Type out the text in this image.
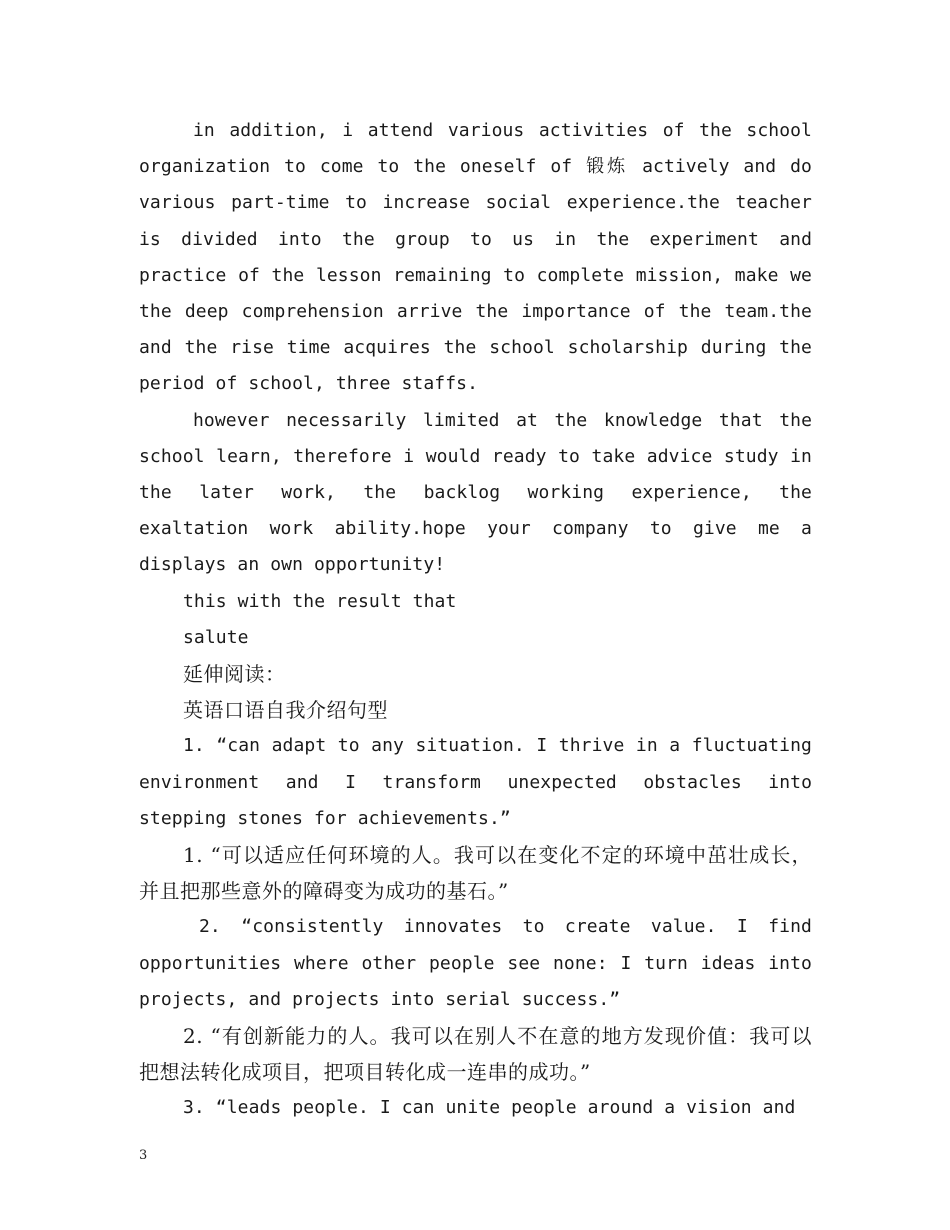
in addition, i attend various activities of the school organization to come to the oneself of 锻炼 actively and do various part-time to increase social experience.the teacher is divided into the group to us in the experiment and practice of the lesson remaining to complete mission, make we the deep comprehension arrive the importance of the team.the and the rise time acquires the school scholarship during the period of school, three staffs.

however necessarily limited at the knowledge that the school learn, therefore i would ready to take advice study in the later work, the backlog working experience, the exaltation work ability.hope your company to give me a displays an own opportunity!

this with the result that

salute

延伸阅读：

英语口语自我介绍句型

1. “can adapt to any situation. I thrive in a fluctuating environment and I transform unexpected obstacles into stepping stones for achievements.”

1. “可以适应任何环境的人。我可以在变化不定的环境中茁壮成长，并且把那些意外的障碍变为成功的基石。”

2. “consistently innovates to create value. I find opportunities where other people see none: I turn ideas into projects, and projects into serial success.”

2. “有创新能力的人。我可以在别人不在意的地方发现价值：我可以把想法转化成项目，把项目转化成一连串的成功。”

3. “leads people. I can unite people around a vision and

3
